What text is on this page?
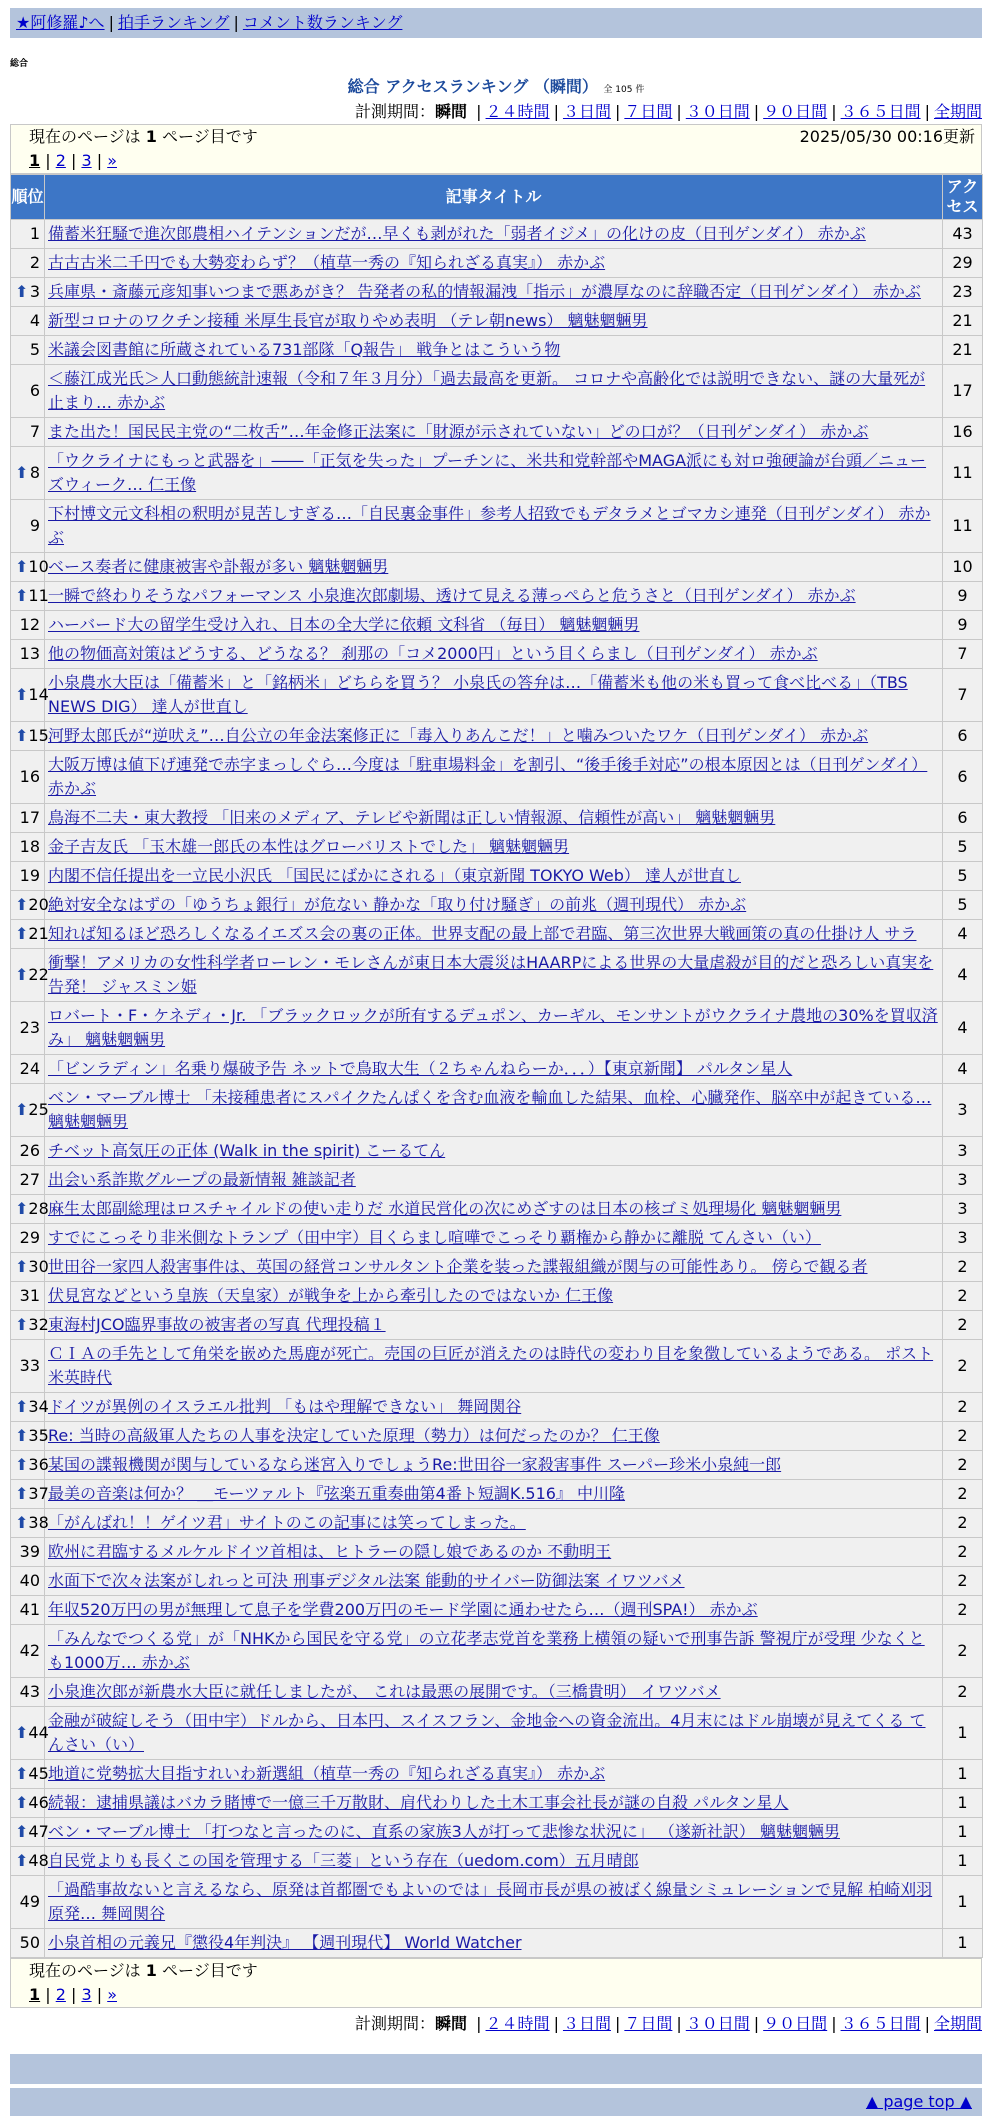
★阿修羅♪へ | 拍手ランキング | コメント数ランキング
総合
総合 アクセスランキング （瞬間） 全 105 件
計測期間：瞬間 | ２４時間 | ３日間 | ７日間 | ３０日間 | ９０日間 | ３６５日間 | 全期間
現在のページは 1 ページ目です	2025/05/30 00:16更新
1 | 2 | 3 | »
順位	記事タイトル	アクセス
1	備蓄米狂騒で進次郎農相ハイテンションだが…早くも剥がれた「弱者イジメ」の化けの皮（日刊ゲンダイ） 赤かぶ	43
2	古古古米二千円でも大勢変わらず？（植草一秀の『知られざる真実』） 赤かぶ	29

⬆ 3	兵庫県・斎藤元彦知事いつまで悪あがき？ 告発者の私的情報漏洩「指示」が濃厚なのに辞職否定（日刊ゲンダイ） 赤かぶ	23
4	新型コロナのワクチン接種 米厚生長官が取りやめ表明 （テレ朝news） 魑魅魍魎男	21
5	米議会図書館に所蔵されている731部隊「Q報告」 戦争とはこういう物	21
6	＜藤江成光氏＞人口動態統計速報（令和７年３月分）「過去最高を更新。 コロナや高齢化では説明できない、謎の大量死が止まり… 赤かぶ	17
7	また出た！国民民主党の“二枚舌”…年金修正法案に「財源が示されていない」どの口が？（日刊ゲンダイ） 赤かぶ	16

⬆ 8	「ウクライナにもっと武器を」――「正気を失った」プーチンに、米共和党幹部やMAGA派にも対ロ強硬論が台頭／ニューズウィーク… 仁王像	11
9	下村博文元文科相の釈明が見苦しすぎる…「自民裏金事件」参考人招致でもデタラメとゴマカシ連発（日刊ゲンダイ） 赤かぶ	11

⬆ 10	ベース奏者に健康被害や訃報が多い 魑魅魍魎男	10

⬆ 11	一瞬で終わりそうなパフォーマンス 小泉進次郎劇場、透けて見える薄っぺらと危うさと（日刊ゲンダイ） 赤かぶ	9
12	ハーバード大の留学生受け入れ、日本の全大学に依頼 文科省 （毎日） 魑魅魍魎男	9
13	他の物価高対策はどうする、どうなる？ 刹那の「コメ2000円」という目くらまし（日刊ゲンダイ） 赤かぶ	7

⬆ 14	小泉農水大臣は「備蓄米」と「銘柄米」どちらを買う？ 小泉氏の答弁は…「備蓄米も他の米も買って食べ比べる」（TBS NEWS DIG） 達人が世直し	7

⬆ 15	河野太郎氏が“逆吠え”…自公立の年金法案修正に「毒入りあんこだ！」と噛みついたワケ（日刊ゲンダイ） 赤かぶ	6
16	大阪万博は値下げ連発で赤字まっしぐら…今度は「駐車場料金」を割引、“後手後手対応”の根本原因とは（日刊ゲンダイ） 赤かぶ	6
17	鳥海不二夫・東大教授 「旧来のメディア、テレビや新聞は正しい情報源、信頼性が高い」 魑魅魍魎男	6
18	金子吉友氏 「玉木雄一郎氏の本性はグローバリストでした」 魑魅魍魎男	5
19	内閣不信任提出を一立民小沢氏 「国民にばかにされる」（東京新聞 TOKYO Web） 達人が世直し	5

⬆ 20	絶対安全なはずの「ゆうちょ銀行」が危ない 静かな「取り付け騒ぎ」の前兆（週刊現代） 赤かぶ	5

⬆ 21	知れば知るほど恐ろしくなるイエズス会の裏の正体。世界支配の最上部で君臨、第三次世界大戦画策の真の仕掛け人 サラ	4

⬆ 22	衝撃！アメリカの女性科学者ローレン・モレさんが東日本大震災はHAARPによる世界の大量虐殺が目的だと恐ろしい真実を告発！ ジャスミン姫	4
23	ロバート・F・ケネディ・Jr. 「ブラックロックが所有するデュポン、カーギル、モンサントがウクライナ農地の30%を買収済み」 魑魅魍魎男	4
24	「ビンラディン」名乗り爆破予告 ネットで鳥取大生（２ちゃんねらーか．．．）【東京新聞】 パルタン星人	4

⬆ 25	ベン・マーブル博士 「未接種患者にスパイクたんぱくを含む血液を輸血した結果、血栓、心臓発作、脳卒中が起きている… 魑魅魍魎男	3
26	チベット高気圧の正体 (Walk in the spirit) こーるてん	3
27	出会い系詐欺グループの最新情報 雑談記者	3

⬆ 28	麻生太郎副総理はロスチャイルドの使い走りだ 水道民営化の次にめざすのは日本の核ゴミ処理場化 魑魅魍魎男	3
29	すでにこっそり非米側なトランプ（田中宇）目くらまし喧嘩でこっそり覇権から静かに離脱 てんさい（い）	3

⬆ 30	世田谷一家四人殺害事件は、英国の経営コンサルタント企業を装った諜報組織が関与の可能性あり。 傍らで観る者	2
31	伏見宮などという皇族（天皇家）が戦争を上から牽引したのではないか 仁王像	2

⬆ 32	東海村JCO臨界事故の被害者の写真 代理投稿１	2
33	ＣＩＡの手先として角栄を嵌めた馬鹿が死亡。売国の巨匠が消えたのは時代の変わり目を象徴しているようである。 ポスト米英時代	2

⬆ 34	ドイツが異例のイスラエル批判 「もはや理解できない」 舞岡関谷	2

⬆ 35	Re: 当時の高級軍人たちの人事を決定していた原理（勢力）は何だったのか？ 仁王像	2

⬆ 36	某国の諜報機関が関与しているなら迷宮入りでしょうRe:世田谷一家殺害事件 スーパー珍米小泉純一郎	2

⬆ 37	最美の音楽は何か？ ＿モーツァルト『弦楽五重奏曲第4番ト短調K.516』 中川隆	2

⬆ 38	「がんばれ！！ゲイツ君」サイトのこの記事には笑ってしまった。	2
39	欧州に君臨するメルケルドイツ首相は、ヒトラーの隠し娘であるのか 不動明王	2
40	水面下で次々法案がしれっと可決 刑事デジタル法案 能動的サイバー防御法案 イワツバメ	2
41	年収520万円の男が無理して息子を学費200万円のモード学園に通わせたら…（週刊SPA!） 赤かぶ	2
42	「みんなでつくる党」が「NHKから国民を守る党」の立花孝志党首を業務上横領の疑いで刑事告訴 警視庁が受理 少なくとも1000万… 赤かぶ	2
43	小泉進次郎が新農水大臣に就任しましたが、 これは最悪の展開です。（三橋貴明） イワツバメ	2

⬆ 44	金融が破綻しそう（田中宇）ドルから、日本円、スイスフラン、金地金への資金流出。4月末にはドル崩壊が見えてくる てんさい（い）	1

⬆ 45	地道に党勢拡大目指すれいわ新選組（植草一秀の『知られざる真実』） 赤かぶ	1

⬆ 46	続報：逮捕県議はバカラ賭博で一億三千万散財、肩代わりした土木工事会社長が謎の自殺 パルタン星人	1

⬆ 47	ベン・マーブル博士 「打つなと言ったのに、直系の家族3人が打って悲惨な状況に」 （遂新社訳） 魑魅魍魎男	1

⬆ 48	自民党よりも長くこの国を管理する「三菱」という存在（uedom.com）五月晴郎	1
49	「過酷事故ないと言えるなら、原発は首都圏でもよいのでは」長岡市長が県の被ばく線量シミュレーションで見解 柏崎刈羽原発… 舞岡関谷	1
50	小泉首相の元義兄『懲役4年判決』 【週刊現代】 World Watcher	1
現在のページは 1 ページ目です
1 | 2 | 3 | »
計測期間：瞬間 | ２４時間 | ３日間 | ７日間 | ３０日間 | ９０日間 | ３６５日間 | 全期間
▲ page top ▲
